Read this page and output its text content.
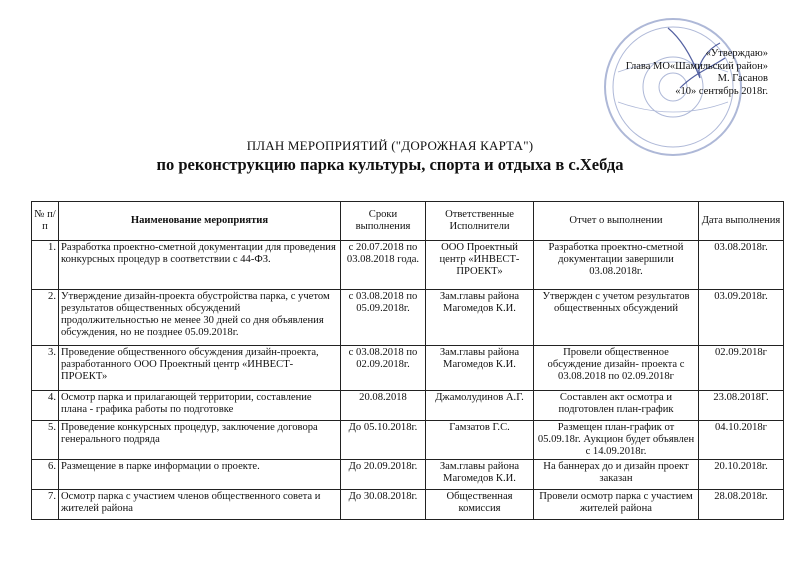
«Утверждаю»
Глава МО«Шамильский район»
М. Гасанов
«10» сентябрь 2018г.
ПЛАН МЕРОПРИЯТИЙ ("ДОРОЖНАЯ КАРТА")
по реконструкцию парка культуры, спорта и отдыха в с.Хебда
№ п/п	Наименование мероприятия	Сроки выполнения	Ответственные Исполнители	Отчет о выполнении	Дата выполнения
1.	Разработка проектно-сметной документации для проведения конкурсных процедур в соответствии с 44-ФЗ.	с 20.07.2018 по 03.08.2018 года.	ООО Проектный центр «ИНВЕСТ-ПРОЕКТ»	Разработка проектно-сметной документации завершили 03.08.2018г.	03.08.2018г.
2.	Утверждение дизайн-проекта обустройства парка, с учетом результатов общественных обсуждений продолжительностью не менее 30 дней со дня объявления обсуждения, но не позднее 05.09.2018г.	с 03.08.2018 по 05.09.2018г.	Зам.главы района Магомедов К.И.	Утвержден с учетом результатов общественных обсуждений	03.09.2018г.
3.	Проведение общественного обсуждения дизайн-проекта, разработанного ООО Проектный центр «ИНВЕСТ-ПРОЕКТ»	с 03.08.2018 по 02.09.2018г.	Зам.главы района Магомедов К.И.	Провели общественное обсуждение дизайн- проекта с 03.08.2018 по 02.09.2018г	02.09.2018г
4.	Осмотр парка и прилагающей территории, составление плана - графика работы по подготовке	20.08.2018	Джамолудинов А.Г.	Составлен акт осмотра и подготовлен план-график	23.08.2018Г.
5.	Проведение конкурсных процедур, заключение договора генерального подряда	До 05.10.2018г.	Гамзатов Г.С.	Размещен план-график от 05.09.18г. Аукцион будет объявлен с 14.09.2018г.	04.10.2018г
6.	Размещение в парке информации о проекте.	До 20.09.2018г.	Зам.главы района Магомедов К.И.	На баннерах до и дизайн проект заказан	20.10.2018г.
7.	Осмотр парка с участием членов общественного совета и жителей района	До 30.08.2018г.	Общественная комиссия	Провели осмотр парка с участием жителей района	28.08.2018г.
